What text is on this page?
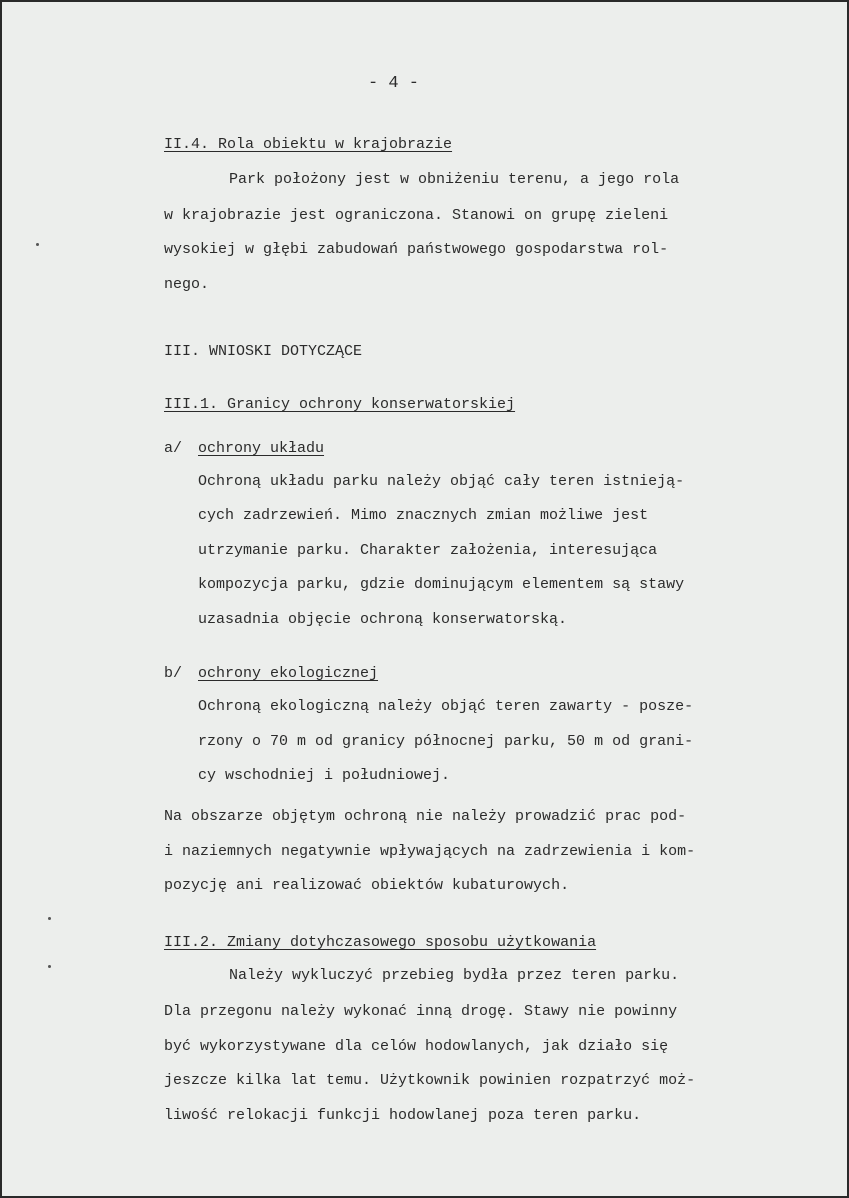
- 4 -
II.4. Rola obiektu w krajobrazie
Park położony jest w obniżeniu terenu, a jego rola
w krajobrazie jest ograniczona. Stanowi on grupę zieleni
wysokiej w głębi zabudowań państwowego gospodarstwa rol-
nego.
III. WNIOSKI DOTYCZĄCE
III.1. Granicy ochrony konserwatorskiej
a/ ochrony układu
Ochroną układu parku należy objąć cały teren istnieją-
cych zadrzewień. Mimo znacznych zmian możliwe jest
utrzymanie parku. Charakter założenia, interesująca
kompozycja parku, gdzie dominującym elementem są stawy
uzasadnia objęcie ochroną konserwatorską.
b/ ochrony ekologicznej
Ochroną ekologiczną należy objąć teren zawarty - posze-
rzony o 70 m od granicy północnej parku, 50 m od grani-
cy wschodniej i południowej.
Na obszarze objętym ochroną nie należy prowadzić prac pod-
i naziemnych negatywnie wpływających na zadrzewienia i kom-
pozycję ani realizować obiektów kubaturowych.
III.2. Zmiany dotyhczasowego sposobu użytkowania
Należy wykluczyć przebieg bydła przez teren parku.
Dla przegonu należy wykonać inną drogę. Stawy nie powinny
być wykorzystywane dla celów hodowlanych, jak działo się
jeszcze kilka lat temu. Użytkownik powinien rozpatrzyć moż-
liwość relokacji funkcji hodowlanej poza teren parku.
